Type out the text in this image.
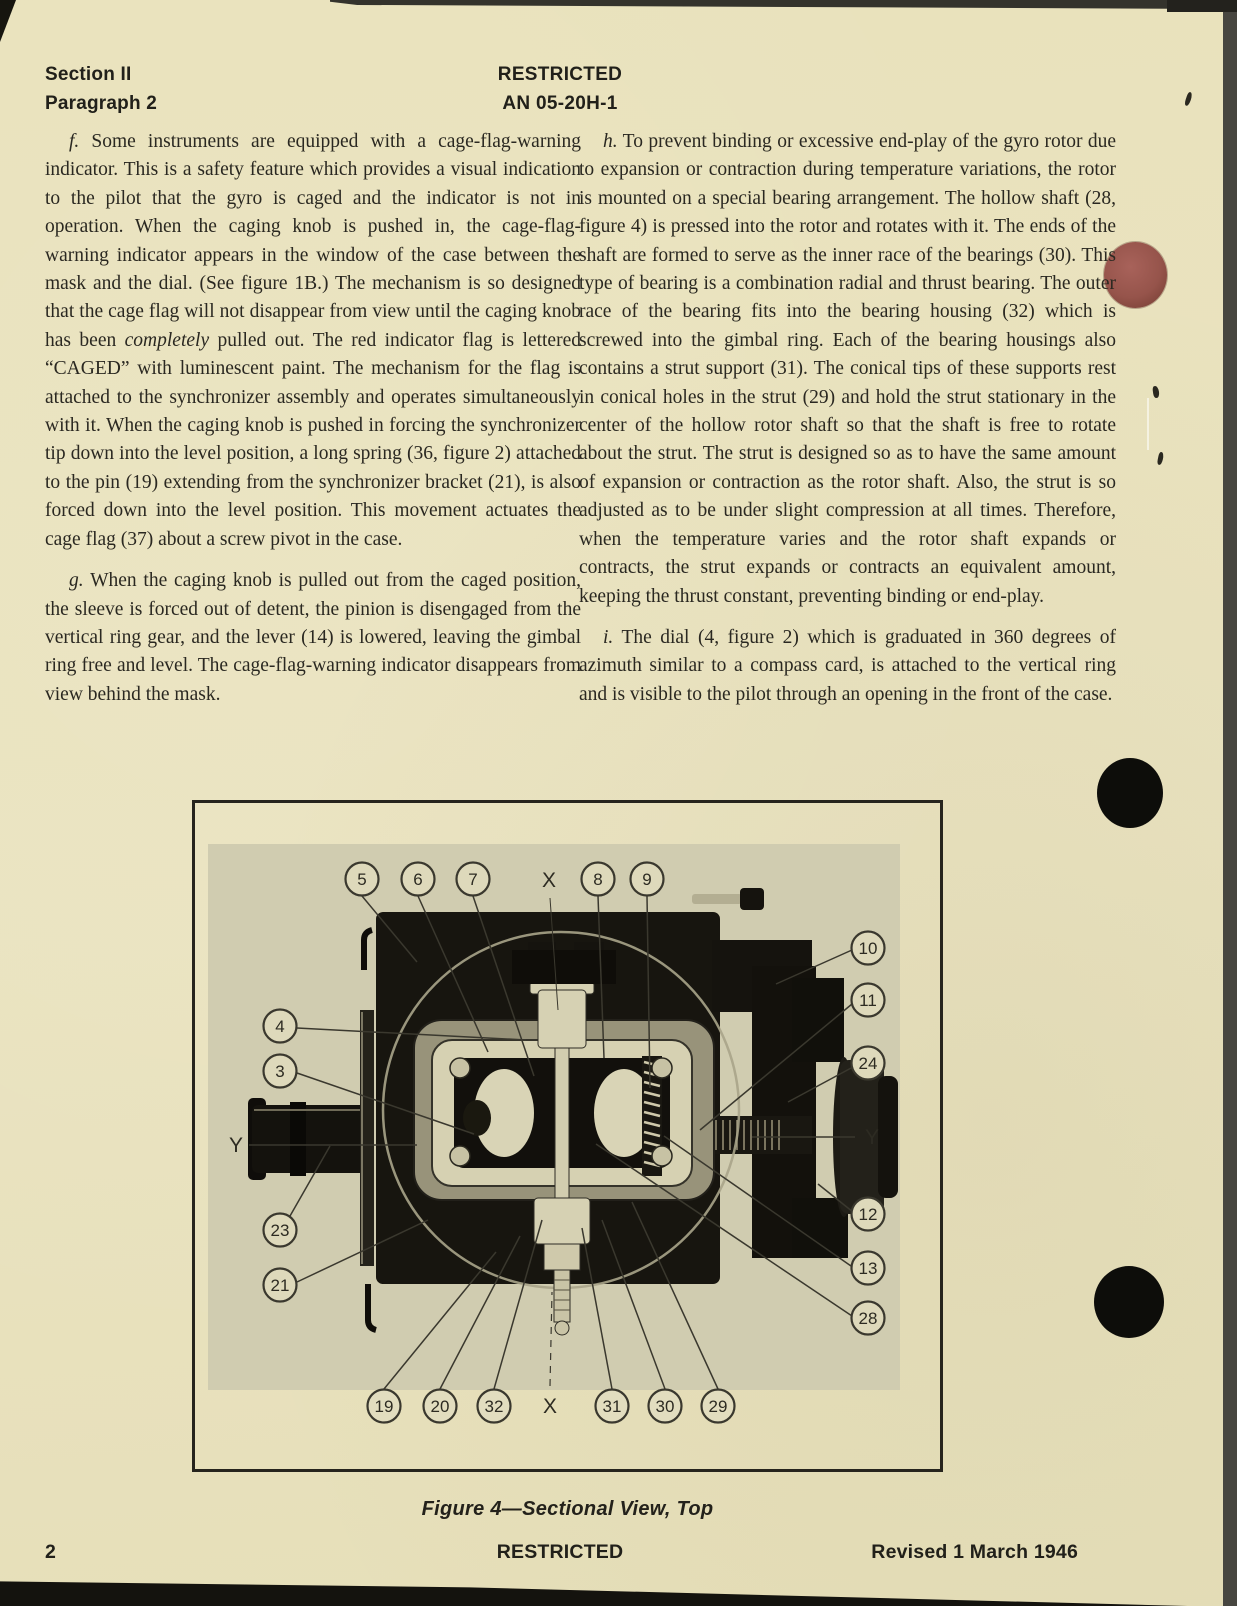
Section II
Paragraph 2
RESTRICTED
AN 05-20H-1

f. Some instruments are equipped with a cage-flag-warning indicator. This is a safety feature which provides a visual indication to the pilot that the gyro is caged and the indicator is not in operation. When the caging knob is pushed in, the cage-flag-warning indicator appears in the window of the case between the mask and the dial. (See figure 1B.) The mechanism is so designed that the cage flag will not disappear from view until the caging knob has been completely pulled out. The red indicator flag is lettered “CAGED” with luminescent paint. The mechanism for the flag is attached to the synchronizer assembly and operates simultaneously with it. When the caging knob is pushed in forcing the synchronizer tip down into the level position, a long spring (36, figure 2) attached to the pin (19) extending from the synchronizer bracket (21), is also forced down into the level position. This movement actuates the cage flag (37) about a screw pivot in the case.

g. When the caging knob is pulled out from the caged position, the sleeve is forced out of detent, the pinion is disengaged from the vertical ring gear, and the lever (14) is lowered, leaving the gimbal ring free and level. The cage-flag-warning indicator disappears from view behind the mask.

h. To prevent binding or excessive end-play of the gyro rotor due to expansion or contraction during temperature variations, the rotor is mounted on a special bearing arrangement. The hollow shaft (28, figure 4) is pressed into the rotor and rotates with it. The ends of the shaft are formed to serve as the inner race of the bearings (30). This type of bearing is a combination radial and thrust bearing. The outer race of the bearing fits into the bearing housing (32) which is screwed into the gimbal ring. Each of the bearing housings also contains a strut support (31). The conical tips of these supports rest in conical holes in the strut (29) and hold the strut stationary in the center of the hollow rotor shaft so that the shaft is free to rotate about the strut. The strut is designed so as to have the same amount of expansion or contraction as the rotor shaft. Also, the strut is so adjusted as to be under slight compression at all times. Therefore, when the temperature varies and the rotor shaft expands or contracts, the strut expands or contracts an equivalent amount, keeping the thrust constant, preventing binding or end-play.

i. The dial (4, figure 2) which is graduated in 360 degrees of azimuth similar to a compass card, is attached to the vertical ring and is visible to the pilot through an opening in the front of the case.

5	6	7	X 8 9
4
3
Y
23
21
10
11
24
Y
12
13
28
19 20 32 X	31 30 29
Figure 4—Sectional View, Top
2	RESTRICTED	Revised 1 March 1946
